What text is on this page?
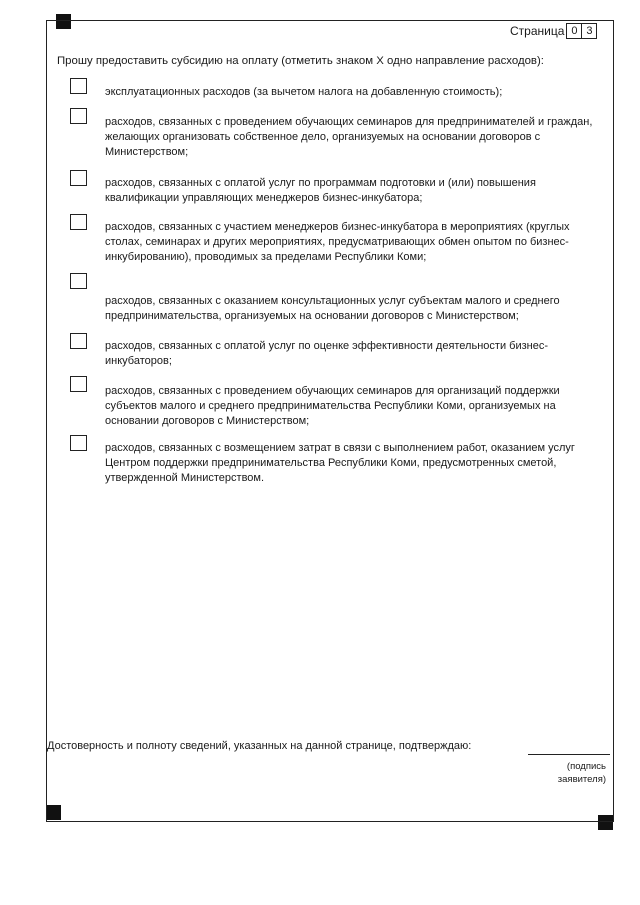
Страница 0 3
Прошу предоставить субсидию на оплату (отметить знаком X одно направление расходов):
эксплуатационных расходов (за вычетом налога на добавленную стоимость);
расходов, связанных с проведением обучающих семинаров для предпринимателей и граждан, желающих организовать собственное дело, организуемых на основании договоров с Министерством;
расходов, связанных с оплатой услуг по программам подготовки и (или) повышения квалификации управляющих менеджеров бизнес-инкубатора;
расходов, связанных с участием менеджеров бизнес-инкубатора в мероприятиях (круглых столах, семинарах и других мероприятиях, предусматривающих обмен опытом по бизнес-инкубированию), проводимых за пределами Республики Коми;
расходов, связанных с оказанием консультационных услуг субъектам малого и среднего предпринимательства, организуемых на основании договоров с Министерством;
расходов, связанных с оплатой услуг по оценке эффективности деятельности бизнес-инкубаторов;
расходов, связанных с проведением обучающих семинаров для организаций поддержки субъектов малого и среднего предпринимательства Республики Коми, организуемых на основании договоров с Министерством;
расходов, связанных с возмещением затрат в связи с выполнением работ, оказанием услуг Центром поддержки предпринимательства Республики Коми, предусмотренных сметой, утвержденной Министерством.
Достоверность и полноту сведений, указанных на данной странице, подтверждаю:
(подпись заявителя)
